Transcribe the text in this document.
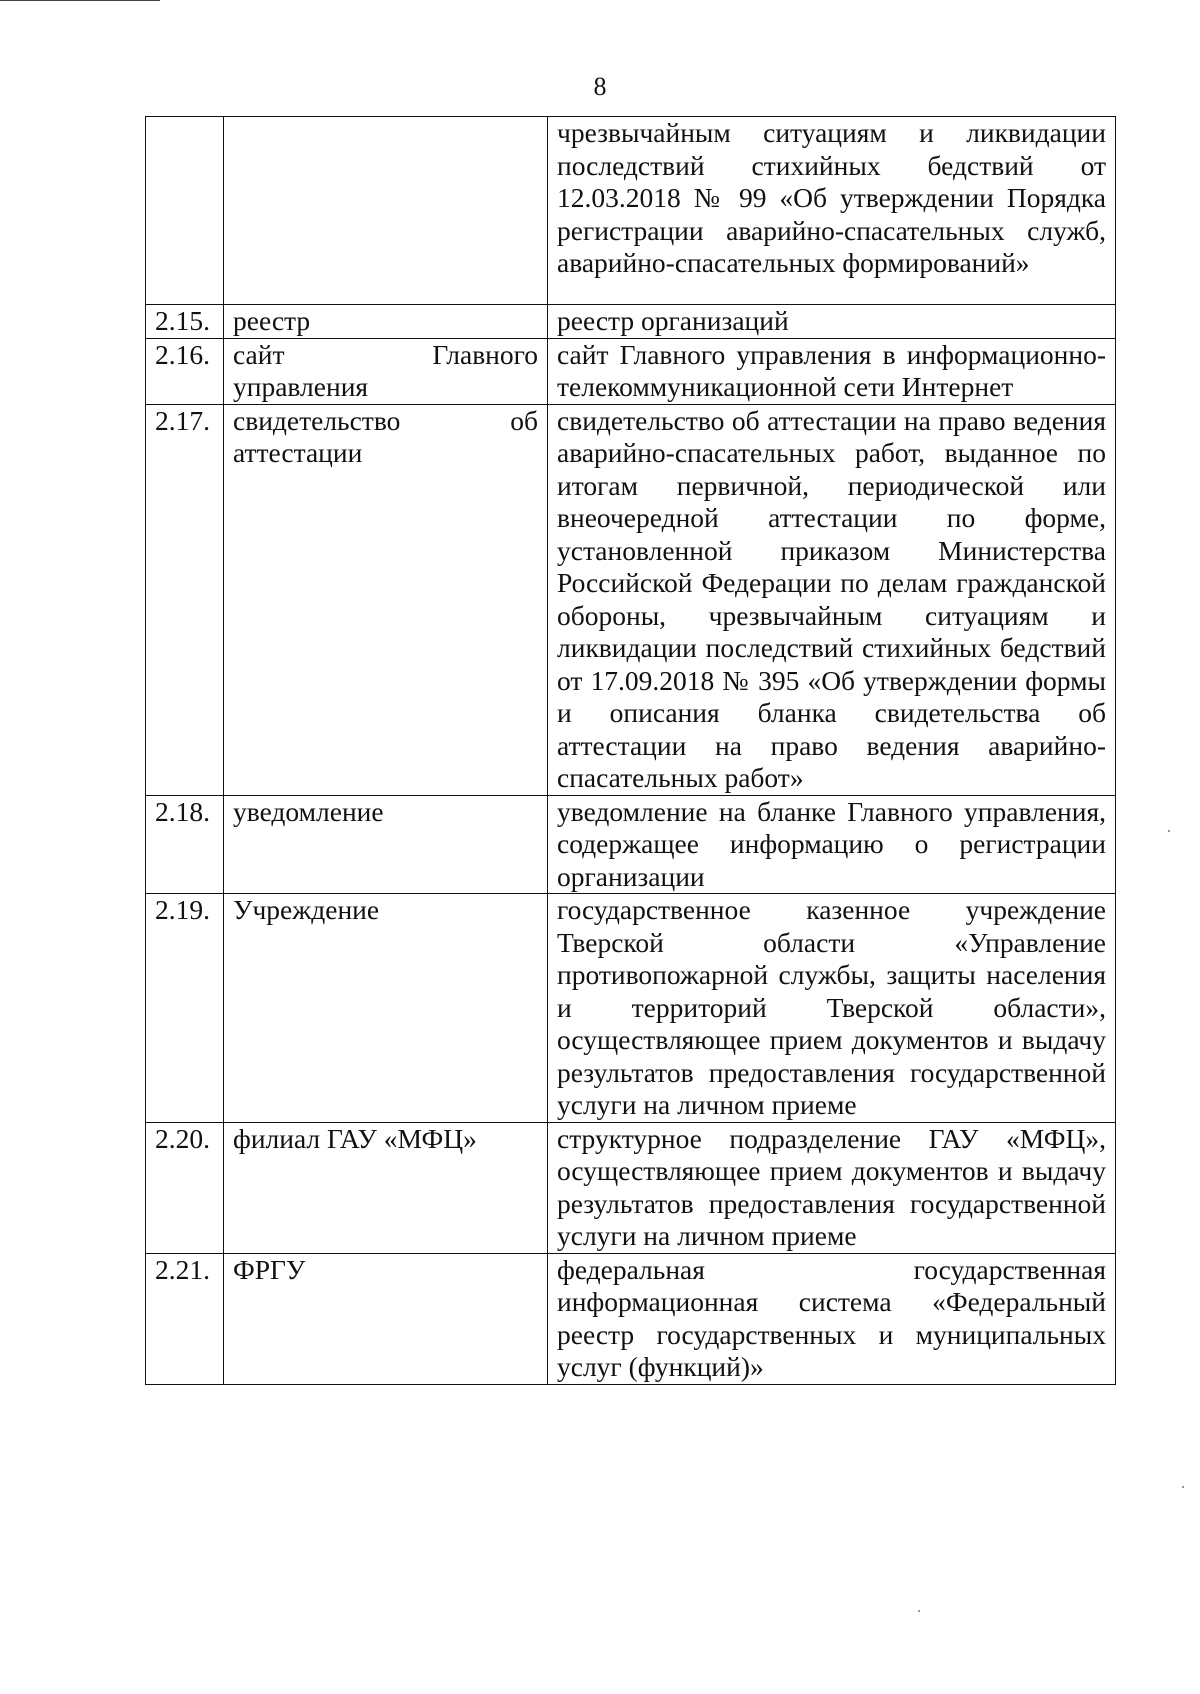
8
		чрезвычайным ситуациям и ликвидации последствий стихийных бедствий от 12.03.2018 № 99 «Об утверждении Порядка регистрации аварийно-спасательных служб, аварийно-спасательных формирований»
2.15.	реестр	реестр организаций
2.16.	сайт Главного управления	сайт Главного управления в информационно-телекоммуникационной сети Интернет
2.17.	свидетельство об аттестации	свидетельство об аттестации на право ведения аварийно-спасательных работ, выданное по итогам первичной, периодической или внеочередной аттестации по форме, установленной приказом Министерства Российской Федерации по делам гражданской обороны, чрезвычайным ситуациям и ликвидации последствий стихийных бедствий от 17.09.2018 № 395 «Об утверждении формы и описания бланка свидетельства об аттестации на право ведения аварийно-спасательных работ»
2.18.	уведомление	уведомление на бланке Главного управления, содержащее информацию о регистрации организации
2.19.	Учреждение	государственное казенное учреждение Тверской области «Управление противопожарной службы, защиты населения и территорий Тверской области», осуществляющее прием документов и выдачу результатов предоставления государственной услуги на личном приеме
2.20.	филиал ГАУ «МФЦ»	структурное подразделение ГАУ «МФЦ», осуществляющее прием документов и выдачу результатов предоставления государственной услуги на личном приеме
2.21.	ФРГУ	федеральная государственная информационная система «Федеральный реестр государственных и муниципальных услуг (функций)»
